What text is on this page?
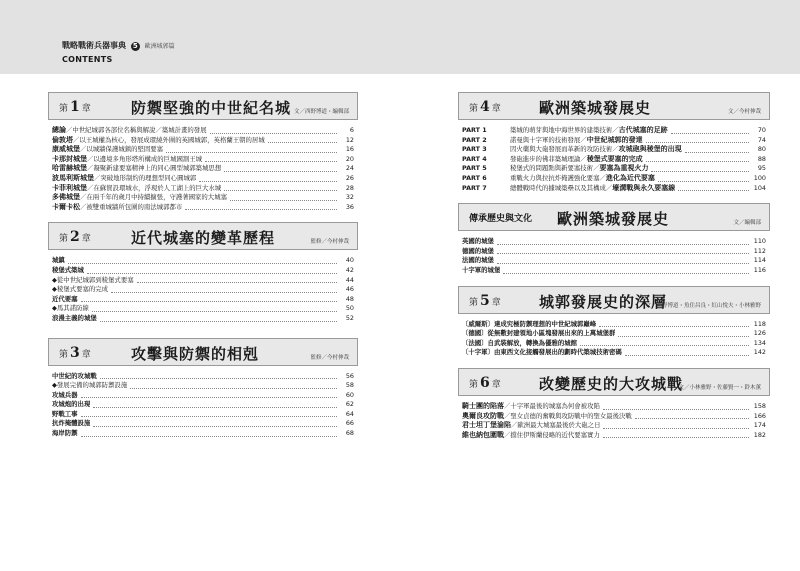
戰略戰術兵器事典 5 歐洲城郭篇
CONTENTS
第 1 章	防禦堅強的中世紀名城 文／西野博道・編輯部
總論／中世紀城郭各部位名稱與解說／築城計畫的發展	6
倫敦塔／以王城權為核心，發展成環繞外圍的英國城郭，英格蘭王朝的居城	12
康威城堡／以城牆保護城鎮的堅固要塞	16
卡那封城堡／以邊境多角形塔所構成的巨城國割王城	20
哈雷赫城堡／凝聚新建要塞精神上的同心圓型城郭築城思想	24
波馬利斯城堡／突破地形制約的理想型同心圓城郭	26
卡菲利城堡／在蘇賀設環城水，浮現於人工湖上的巨大水城	28
多佛城堡／在兩千年的歲月中持續擴張，守護著國家的大城塞	32
卡爾卡松／被雙重城牆所包圍的南法城郭都市	36
第 2 章	近代城塞的變革歷程	監修／今村伸哉
城鎮	40
稜堡式築城	42
◆從中世紀城郭到稜堡式要塞	44
◆稜堡式要塞的完成	46
近代要塞	48
◆馬其諾防線	50
浪漫主義的城堡	52
第 3 章	攻擊與防禦的相剋	監修／今村伸哉
中世紀的攻城戰	56
◆發展完備的城郭防禦設施	58
攻城兵器	60
攻城炮的出現	62
野戰工事	64
抗炸掩體設施	66
海岸防禦	68
第 4 章	歐洲築城發展史	文／今村伸哉
PART 1	築城的萌芽與地中海世界的建築技術／古代城塞的足跡	70
PART 2	諾曼與十字軍的技術發展／中世紀城郭的發達	74
PART 3	因火藥與大砲發展而革新的攻防技術／攻城砲與稜堡的出現	80
PART 4	發砲進步的佛菲築城理論／稜堡式要塞的完成	88
PART 5	稜堡式的問題點與新要塞技術／要塞為重視火力	95
PART 6	重戰火力與拉抗炸掩護強化要塞／進化為近代要塞	100
PART 7	總體戰時代的據城築壘以及其構成／壕溝戰與永久要塞線	104
傳承歷史與文化 歐洲築城發展史	文／編輯部
英國的城堡	110
德國的城堡	112
法國的城堡	114
十字軍的城堡	116
第 5 章	城郭發展史的深層
文／西野博道・魚住昌良・紅山悅夫・小林雅野
〔威爾斯〕達成究極防禦理想的中世紀城郭巔峰	118
〔德國〕從無數封建領地小區塊發展出來的上萬城堡群	126
〔法國〕自武裝解放，轉換為優雅的城館	134
〔十字軍〕由東西文化接觸發展出的劃時代築城技術密碼	142
第 6 章	改變歷史的大攻城戰
文／小林雅野・佐藤賢一・鈴木薰
騎士團的陷落／十字軍最後的城塞為何會被攻陷	158
奧爾良攻防戰／聖女貞德的奮戰與攻防戰中的聖女最後決戰	166
君士坦丁堡淪陷／歐洲最大城塞最後於大砲之日	174
維也納包圍戰／擋住伊斯蘭侵略的近代要塞實力	182
